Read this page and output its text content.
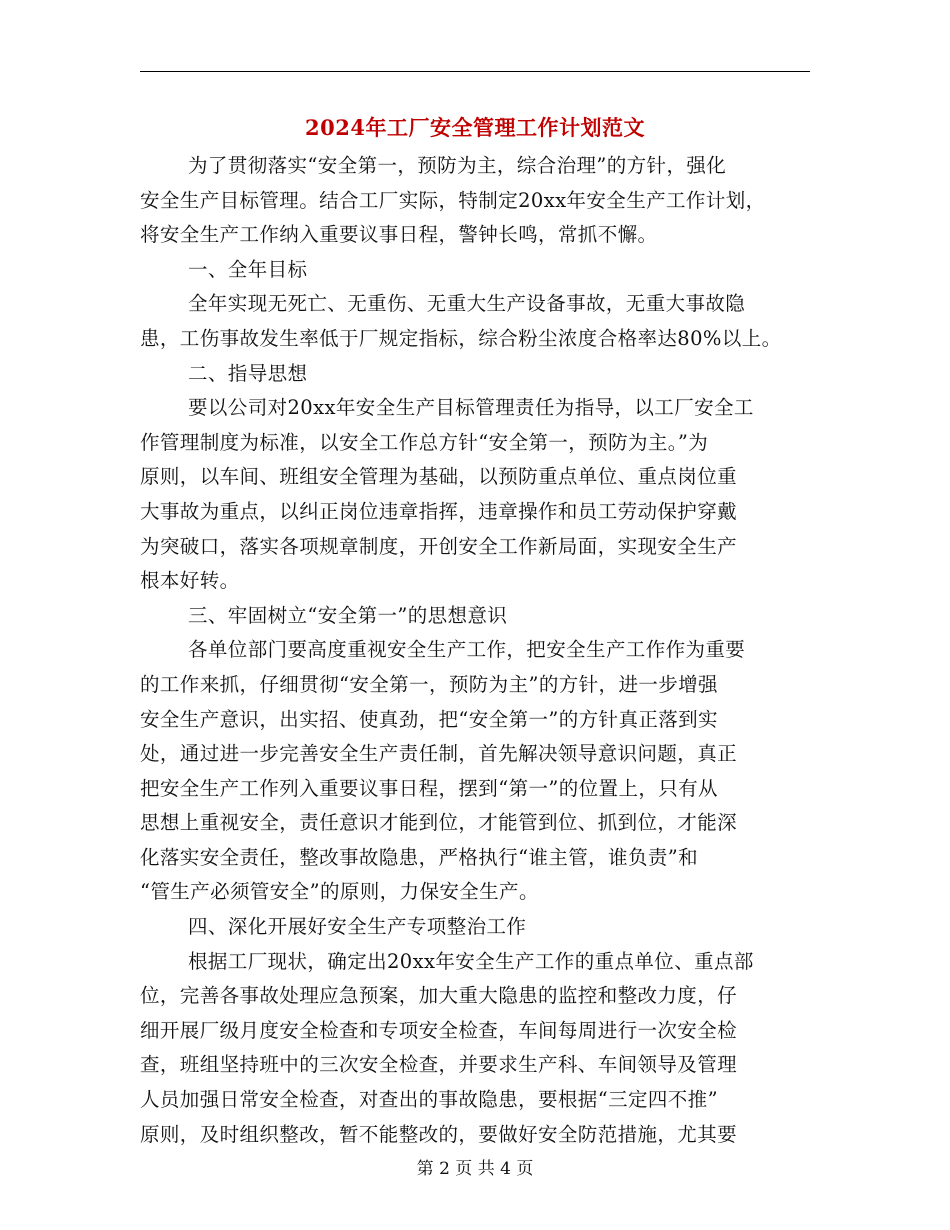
2024年工厂安全管理工作计划范文
为了贯彻落实“安全第一，预防为主，综合治理”的方针，强化
安全生产目标管理。结合工厂实际，特制定20xx年安全生产工作计划，
将安全生产工作纳入重要议事日程，警钟长鸣，常抓不懈。
一、全年目标
全年实现无死亡、无重伤、无重大生产设备事故，无重大事故隐
患，工伤事故发生率低于厂规定指标，综合粉尘浓度合格率达80%以上。
二、指导思想
要以公司对20xx年安全生产目标管理责任为指导，以工厂安全工
作管理制度为标准，以安全工作总方针“安全第一，预防为主。”为
原则，以车间、班组安全管理为基础，以预防重点单位、重点岗位重
大事故为重点，以纠正岗位违章指挥，违章操作和员工劳动保护穿戴
为突破口，落实各项规章制度，开创安全工作新局面，实现安全生产
根本好转。
三、牢固树立“安全第一”的思想意识
各单位部门要高度重视安全生产工作，把安全生产工作作为重要
的工作来抓，仔细贯彻“安全第一，预防为主”的方针，进一步增强
安全生产意识，出实招、使真劲，把“安全第一”的方针真正落到实
处，通过进一步完善安全生产责任制，首先解决领导意识问题，真正
把安全生产工作列入重要议事日程，摆到“第一”的位置上，只有从
思想上重视安全，责任意识才能到位，才能管到位、抓到位，才能深
化落实安全责任，整改事故隐患，严格执行“谁主管，谁负责”和
“管生产必须管安全”的原则，力保安全生产。
四、深化开展好安全生产专项整治工作
根据工厂现状，确定出20xx年安全生产工作的重点单位、重点部
位，完善各事故处理应急预案，加大重大隐患的监控和整改力度，仔
细开展厂级月度安全检查和专项安全检查，车间每周进行一次安全检
查，班组坚持班中的三次安全检查，并要求生产科、车间领导及管理
人员加强日常安全检查，对查出的事故隐患，要根据“三定四不推”
原则，及时组织整改，暂不能整改的，要做好安全防范措施，尤其要
第 2 页 共 4 页
